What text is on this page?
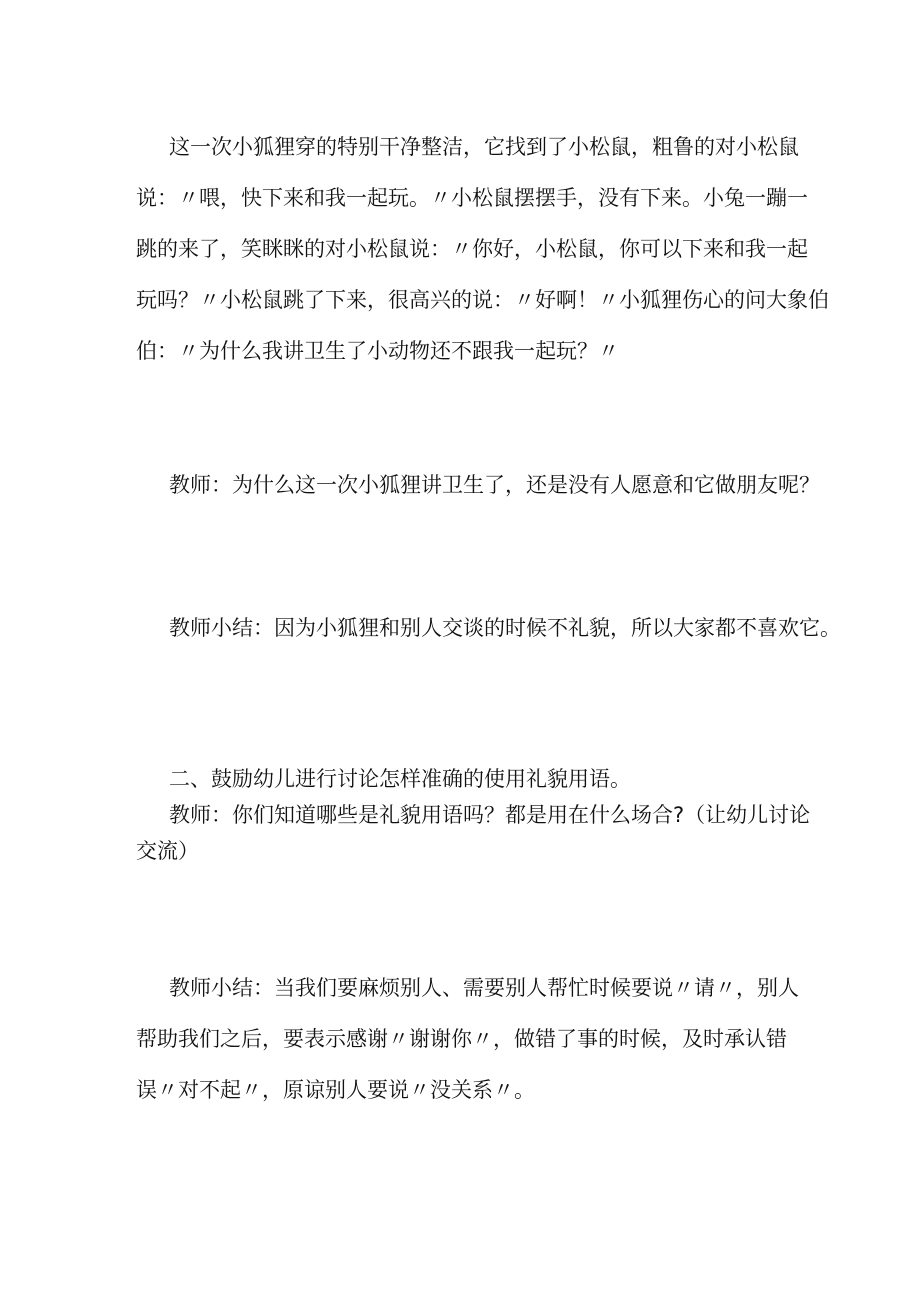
这一次小狐狸穿的特别干净整洁，它找到了小松鼠，粗鲁的对小松鼠
说：〃喂，快下来和我一起玩。〃小松鼠摆摆手，没有下来。小兔一蹦一
跳的来了，笑眯眯的对小松鼠说：〃你好，小松鼠，你可以下来和我一起
玩吗？〃小松鼠跳了下来，很高兴的说：〃好啊！〃小狐狸伤心的问大象伯
伯：〃为什么我讲卫生了小动物还不跟我一起玩？〃
教师：为什么这一次小狐狸讲卫生了，还是没有人愿意和它做朋友呢？
教师小结：因为小狐狸和别人交谈的时候不礼貌，所以大家都不喜欢它。
二、鼓励幼儿进行讨论怎样准确的使用礼貌用语。
教师：你们知道哪些是礼貌用语吗？都是用在什么场合?（让幼儿讨论
交流）
教师小结：当我们要麻烦别人、需要别人帮忙时候要说〃请〃，别人
帮助我们之后，要表示感谢〃谢谢你〃，做错了事的时候，及时承认错
误〃对不起〃，原谅别人要说〃没关系〃。
